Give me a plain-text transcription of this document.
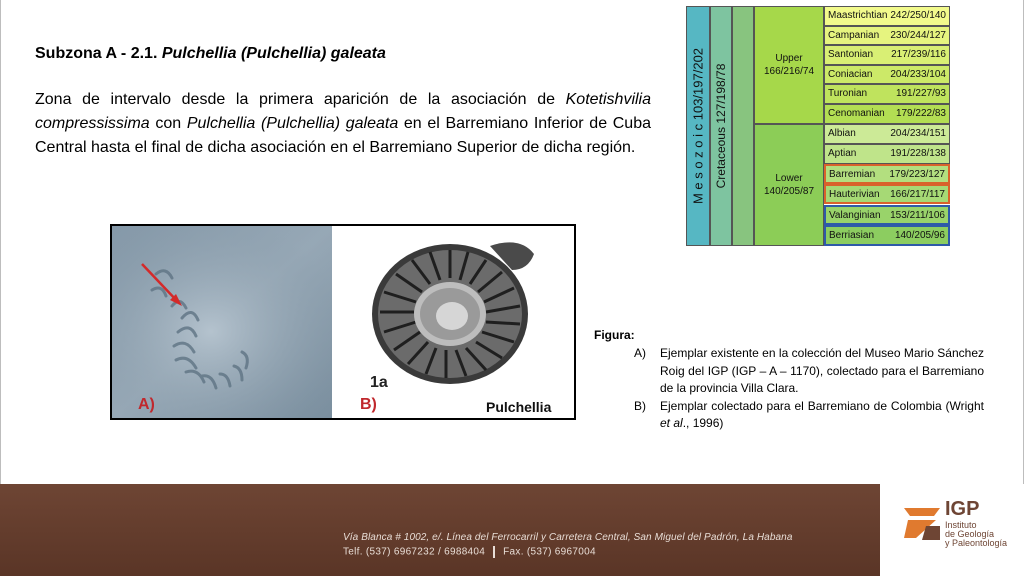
Subzona A - 2.1. Pulchellia (Pulchellia) galeata
Zona de intervalo desde la primera aparición de la asociación de Kotetishvilia compressissima con Pulchellia (Pulchellia) galeata en el Barremiano Inferior de Cuba Central hasta el final de dicha asociación en el Barremiano Superior de dicha región.
A)	B)
1a
Pulchellia
Figura:
A) Ejemplar existente en la colección del Museo Mario Sánchez Roig del IGP (IGP – A – 1170), colectado para el Barremiano de la provincia Villa Clara.
B) Ejemplar colectado para el Barremiano de Colombia (Wright et al., 1996)
M e s o z o i c 103/197/202 Cretaceous 127/198/78
Upper
166/216/74
Lower
140/205/87
Maastrichtian 242/250/140
Campanian 230/244/127
Santonian 217/239/116
Coniacian 204/233/104
Turonian	191/227/93
Cenomanian 179/222/83
Albian	204/234/151
Aptian	191/228/138
Barremian 179/223/127
Hauterivian 166/217/117
Valanginian 153/211/106
Berriasian 140/205/96
Vía Blanca # 1002, e/. Línea del Ferrocarril y Carretera Central, San Miguel del Padrón, La Habana
Telf. (537) 6967232 / 6988404 Fax. (537) 6967004
IGP
Instituto
de Geología
y Paleontología
